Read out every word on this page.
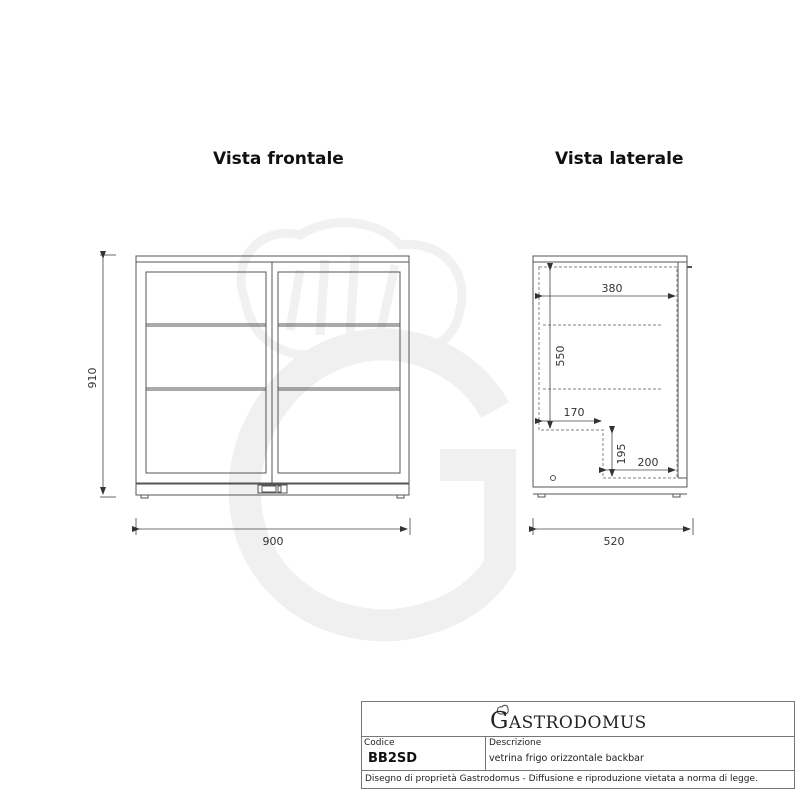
Vista frontale	Vista laterale
910
900
380
550
170
195 200
520
GASTRODOMUS
Codice
BB2SD
Descrizione
vetrina frigo orizzontale backbar
Disegno di proprietà Gastrodomus - Diffusione e riproduzione vietata a norma di legge.
